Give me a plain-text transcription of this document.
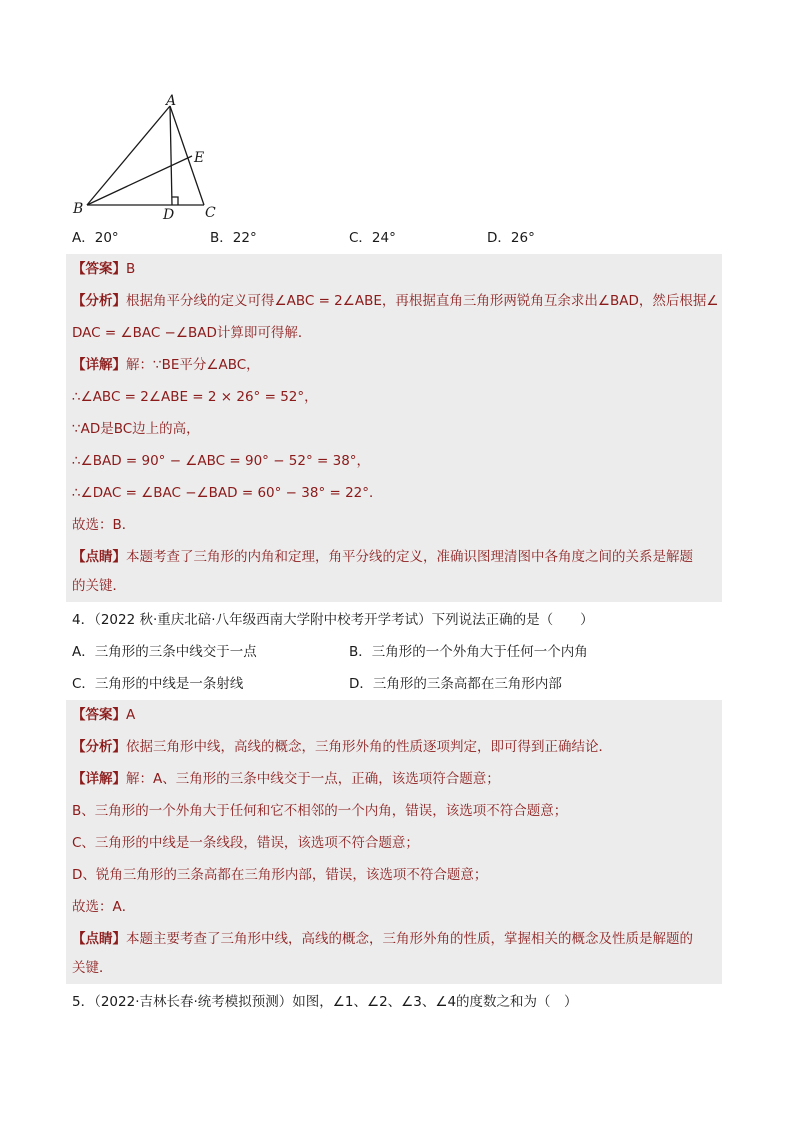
A
B	C
D
E
A．20°	B．22°	C．24°	D．26°
【答案】B
【分析】根据角平分线的定义可得∠ABC = 2∠ABE，再根据直角三角形两锐角互余求出∠BAD，然后根据∠
DAC = ∠BAC −∠BAD计算即可得解．
【详解】解：∵BE平分∠ABC，
∴∠ABC = 2∠ABE = 2 × 26° = 52°，
∵AD是BC边上的高，
∴∠BAD = 90° − ∠ABC = 90° − 52° = 38°，
∴∠DAC = ∠BAC −∠BAD = 60° − 38° = 22°．
故选：B．
【点睛】本题考查了三角形的内角和定理，角平分线的定义，准确识图理清图中各角度之间的关系是解题
的关键．
4．（2022 秋·重庆北碚·八年级西南大学附中校考开学考试）下列说法正确的是（　　）
A．三角形的三条中线交于一点	B．三角形的一个外角大于任何一个内角
C．三角形的中线是一条射线	D．三角形的三条高都在三角形内部
【答案】A
【分析】依据三角形中线，高线的概念，三角形外角的性质逐项判定，即可得到正确结论．
【详解】解：A、三角形的三条中线交于一点，正确，该选项符合题意；
B、三角形的一个外角大于任何和它不相邻的一个内角，错误，该选项不符合题意；
C、三角形的中线是一条线段，错误，该选项不符合题意；
D、锐角三角形的三条高都在三角形内部，错误，该选项不符合题意；
故选：A．
【点睛】本题主要考查了三角形中线，高线的概念，三角形外角的性质，掌握相关的概念及性质是解题的
关键．
5．（2022·吉林长春·统考模拟预测）如图，∠1、∠2、∠3、∠4的度数之和为（　）
